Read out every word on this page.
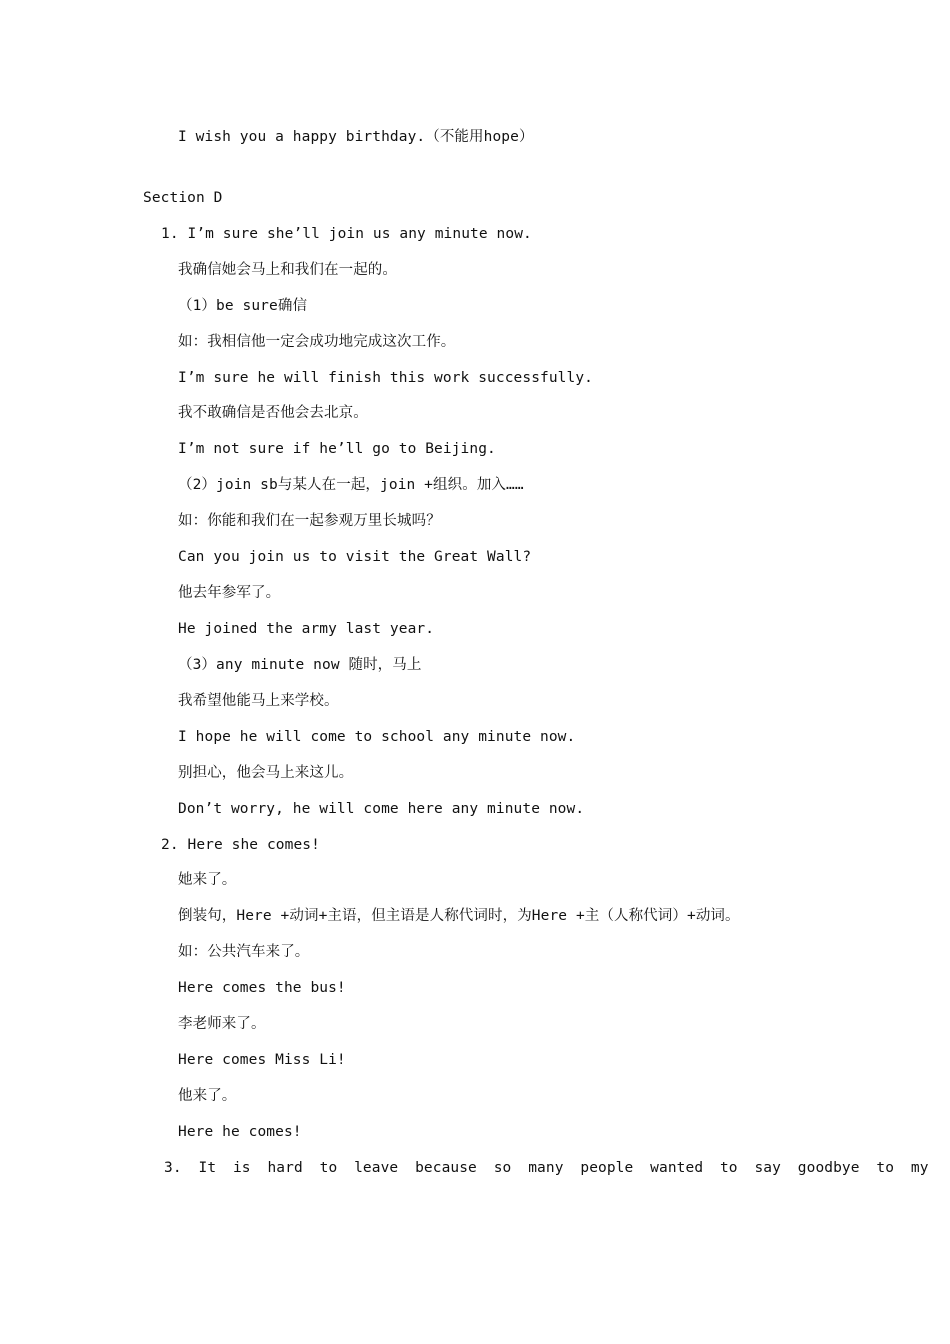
I wish you a happy birthday.（不能用hope）
Section D
1. I’m sure she’ll join us any minute now.
我确信她会马上和我们在一起的。
（1）be sure确信
如：我相信他一定会成功地完成这次工作。
I’m sure he will finish this work successfully.
我不敢确信是否他会去北京。
I’m not sure if he’ll go to Beijing.
（2）join sb与某人在一起，join +组织。加入……
如：你能和我们在一起参观万里长城吗？
Can you join us to visit the Great Wall?
他去年参军了。
He joined the army last year.
（3）any minute now 随时，马上
我希望他能马上来学校。
I hope he will come to school any minute now.
别担心，他会马上来这儿。
Don’t worry, he will come here any minute now.
2. Here she comes!
她来了。
倒装句，Here +动词+主语，但主语是人称代词时，为Here +主（人称代词）+动词。
如：公共汽车来了。
Here comes the bus!
李老师来了。
Here comes Miss Li!
他来了。
Here he comes!
3. It is hard to leave because so many people wanted to say goodbye to my
